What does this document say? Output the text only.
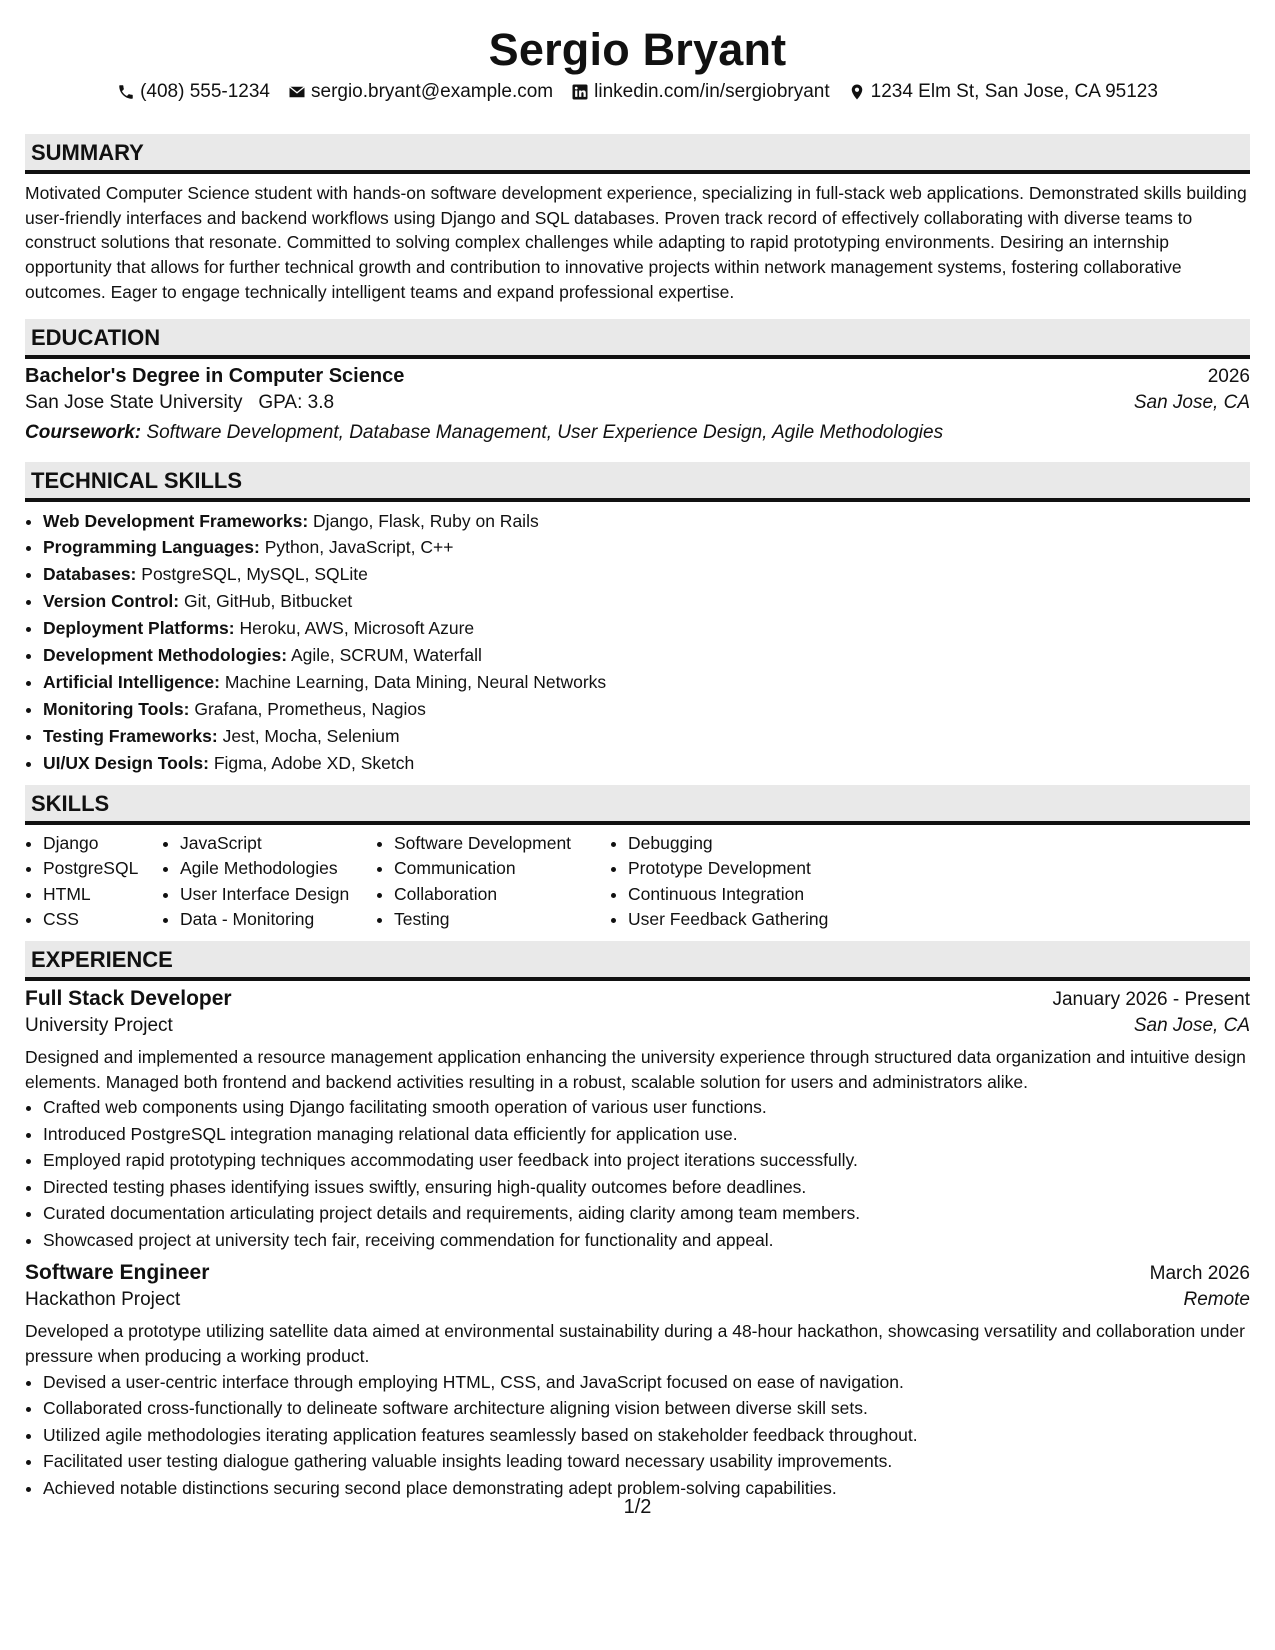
Sergio Bryant
(408) 555-1234 sergio.bryant@example.com linkedin.com/in/sergiobryant 1234 Elm St, San Jose, CA 95123
SUMMARY
Motivated Computer Science student with hands-on software development experience, specializing in full-stack web applications. Demonstrated skills building user-friendly interfaces and backend workflows using Django and SQL databases. Proven track record of effectively collaborating with diverse teams to construct solutions that resonate. Committed to solving complex challenges while adapting to rapid prototyping environments. Desiring an internship opportunity that allows for further technical growth and contribution to innovative projects within network management systems, fostering collaborative outcomes. Eager to engage technically intelligent teams and expand professional expertise.
EDUCATION
Bachelor's Degree in Computer Science	2026
San Jose State University GPA: 3.8	San Jose, CA
Coursework: Software Development, Database Management, User Experience Design, Agile Methodologies
TECHNICAL SKILLS
• Web Development Frameworks: Django, Flask, Ruby on Rails
• Programming Languages: Python, JavaScript, C++
• Databases: PostgreSQL, MySQL, SQLite
• Version Control: Git, GitHub, Bitbucket
• Deployment Platforms: Heroku, AWS, Microsoft Azure
• Development Methodologies: Agile, SCRUM, Waterfall
• Artificial Intelligence: Machine Learning, Data Mining, Neural Networks
• Monitoring Tools: Grafana, Prometheus, Nagios
• Testing Frameworks: Jest, Mocha, Selenium
• UI/UX Design Tools: Figma, Adobe XD, Sketch
SKILLS
• Django
• PostgreSQL
• HTML
• CSS
• JavaScript
• Agile Methodologies
• User Interface Design
• Data - Monitoring
• Software Development
• Communication
• Collaboration
• Testing
• Debugging
• Prototype Development
• Continuous Integration
• User Feedback Gathering
EXPERIENCE
Full Stack Developer	January 2026 - Present
University Project	San Jose, CA
Designed and implemented a resource management application enhancing the university experience through structured data organization and intuitive design elements. Managed both frontend and backend activities resulting in a robust, scalable solution for users and administrators alike.
• Crafted web components using Django facilitating smooth operation of various user functions.
• Introduced PostgreSQL integration managing relational data efficiently for application use.
• Employed rapid prototyping techniques accommodating user feedback into project iterations successfully.
• Directed testing phases identifying issues swiftly, ensuring high-quality outcomes before deadlines.
• Curated documentation articulating project details and requirements, aiding clarity among team members.
• Showcased project at university tech fair, receiving commendation for functionality and appeal.
Software Engineer	March 2026
Hackathon Project	Remote
Developed a prototype utilizing satellite data aimed at environmental sustainability during a 48-hour hackathon, showcasing versatility and collaboration under pressure when producing a working product.
• Devised a user-centric interface through employing HTML, CSS, and JavaScript focused on ease of navigation.
• Collaborated cross-functionally to delineate software architecture aligning vision between diverse skill sets.
• Utilized agile methodologies iterating application features seamlessly based on stakeholder feedback throughout.
• Facilitated user testing dialogue gathering valuable insights leading toward necessary usability improvements.
• Achieved notable distinctions securing second place demonstrating adept problem-solving capabilities.
1/2
